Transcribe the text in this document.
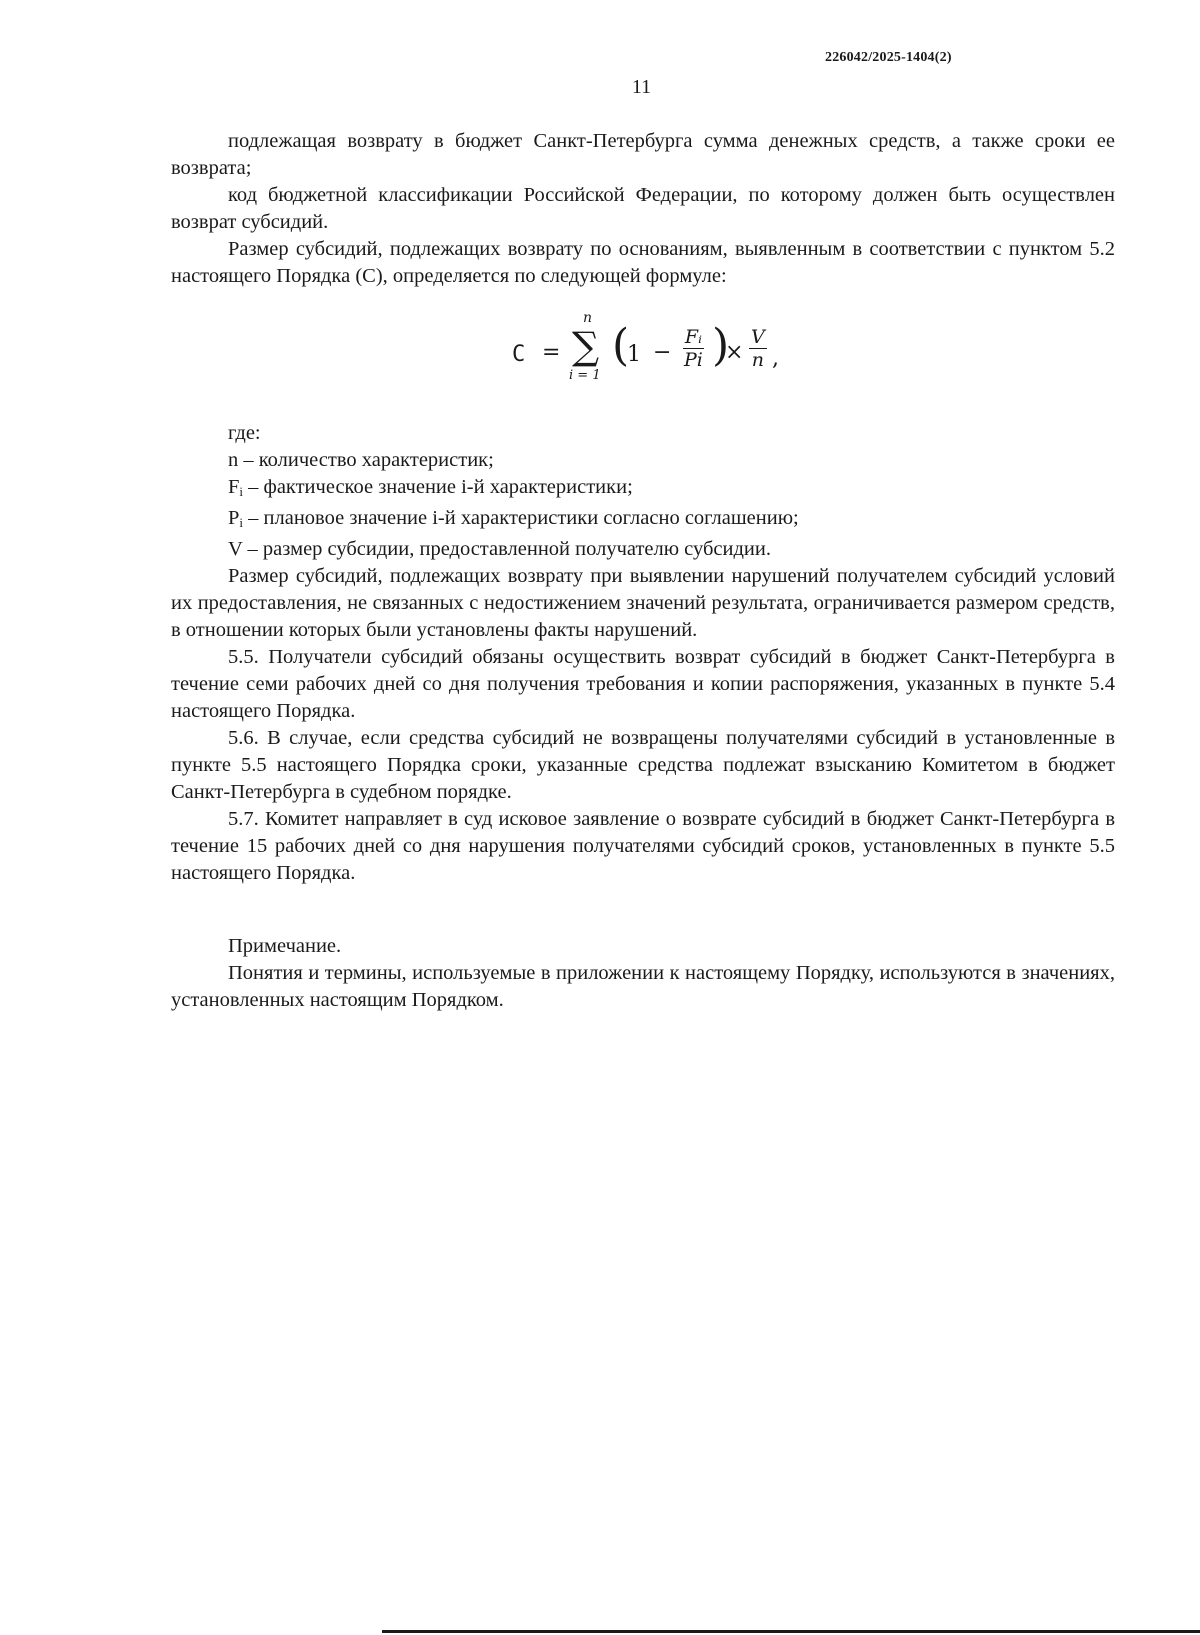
226042/2025-1404(2)
11

подлежащая возврату в бюджет Санкт-Петербурга сумма денежных средств, а также сроки ее возврата;

код бюджетной классификации Российской Федерации, по которому должен быть осуществлен возврат субсидий.

Размер субсидий, подлежащих возврату по основаниям, выявленным в соответствии с пунктом 5.2 настоящего Порядка (С), определяется по следующей формуле:

C =
n
∑
i = 1
(
$1 - \frac{\text{Fᵢ}}{Pi}$ )
× $\frac{V}{n}$ ,

где:

n – количество характеристик;

$F_i$ – фактическое значение i-й характеристики;

$P_i$ – плановое значение i-й характеристики согласно соглашению;

V – размер субсидии, предоставленной получателю субсидии.

Размер субсидий, подлежащих возврату при выявлении нарушений получателем субсидий условий их предоставления, не связанных с недостижением значений результата, ограничивается размером средств, в отношении которых были установлены факты нарушений.

5.5. Получатели субсидий обязаны осуществить возврат субсидий в бюджет Санкт-Петербурга в течение семи рабочих дней со дня получения требования и копии распоряжения, указанных в пункте 5.4 настоящего Порядка.

5.6. В случае, если средства субсидий не возвращены получателями субсидий в установленные в пункте 5.5 настоящего Порядка сроки, указанные средства подлежат взысканию Комитетом в бюджет Санкт-Петербурга в судебном порядке.

5.7. Комитет направляет в суд исковое заявление о возврате субсидий в бюджет Санкт-Петербурга в течение 15 рабочих дней со дня нарушения получателями субсидий сроков, установленных в пункте 5.5 настоящего Порядка.

Примечание.

Понятия и термины, используемые в приложении к настоящему Порядку, используются в значениях, установленных настоящим Порядком.
